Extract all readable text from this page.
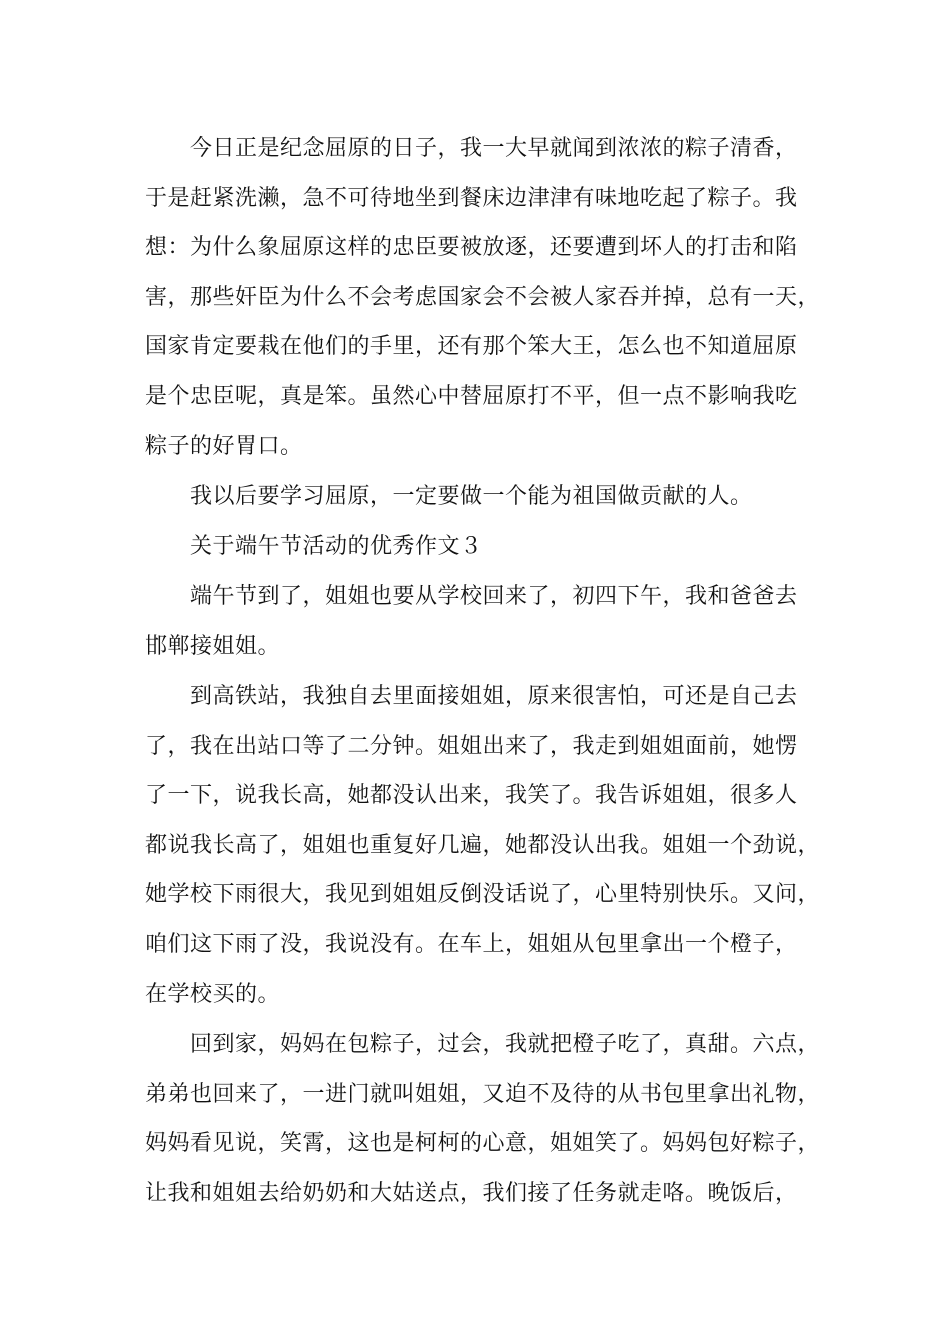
今日正是纪念屈原的日子，我一大早就闻到浓浓的粽子清香，
于是赶紧洗濑，急不可待地坐到餐床边津津有味地吃起了粽子。我
想：为什么象屈原这样的忠臣要被放逐，还要遭到坏人的打击和陷
害，那些奸臣为什么不会考虑国家会不会被人家吞并掉，总有一天，
国家肯定要栽在他们的手里，还有那个笨大王，怎么也不知道屈原
是个忠臣呢，真是笨。虽然心中替屈原打不平，但一点不影响我吃
粽子的好胃口。
我以后要学习屈原，一定要做一个能为祖国做贡献的人。
关于端午节活动的优秀作文３
端午节到了，姐姐也要从学校回来了，初四下午，我和爸爸去
邯郸接姐姐。
到高铁站，我独自去里面接姐姐，原来很害怕，可还是自己去
了，我在出站口等了二分钟。姐姐出来了，我走到姐姐面前，她愣
了一下，说我长高，她都没认出来，我笑了。我告诉姐姐，很多人
都说我长高了，姐姐也重复好几遍，她都没认出我。姐姐一个劲说，
她学校下雨很大，我见到姐姐反倒没话说了，心里特别快乐。又问，
咱们这下雨了没，我说没有。在车上，姐姐从包里拿出一个橙子，
在学校买的。
回到家，妈妈在包粽子，过会，我就把橙子吃了，真甜。六点，
弟弟也回来了，一进门就叫姐姐，又迫不及待的从书包里拿出礼物，
妈妈看见说，笑霄，这也是柯柯的心意，姐姐笑了。妈妈包好粽子，
让我和姐姐去给奶奶和大姑送点，我们接了任务就走咯。晚饭后，
